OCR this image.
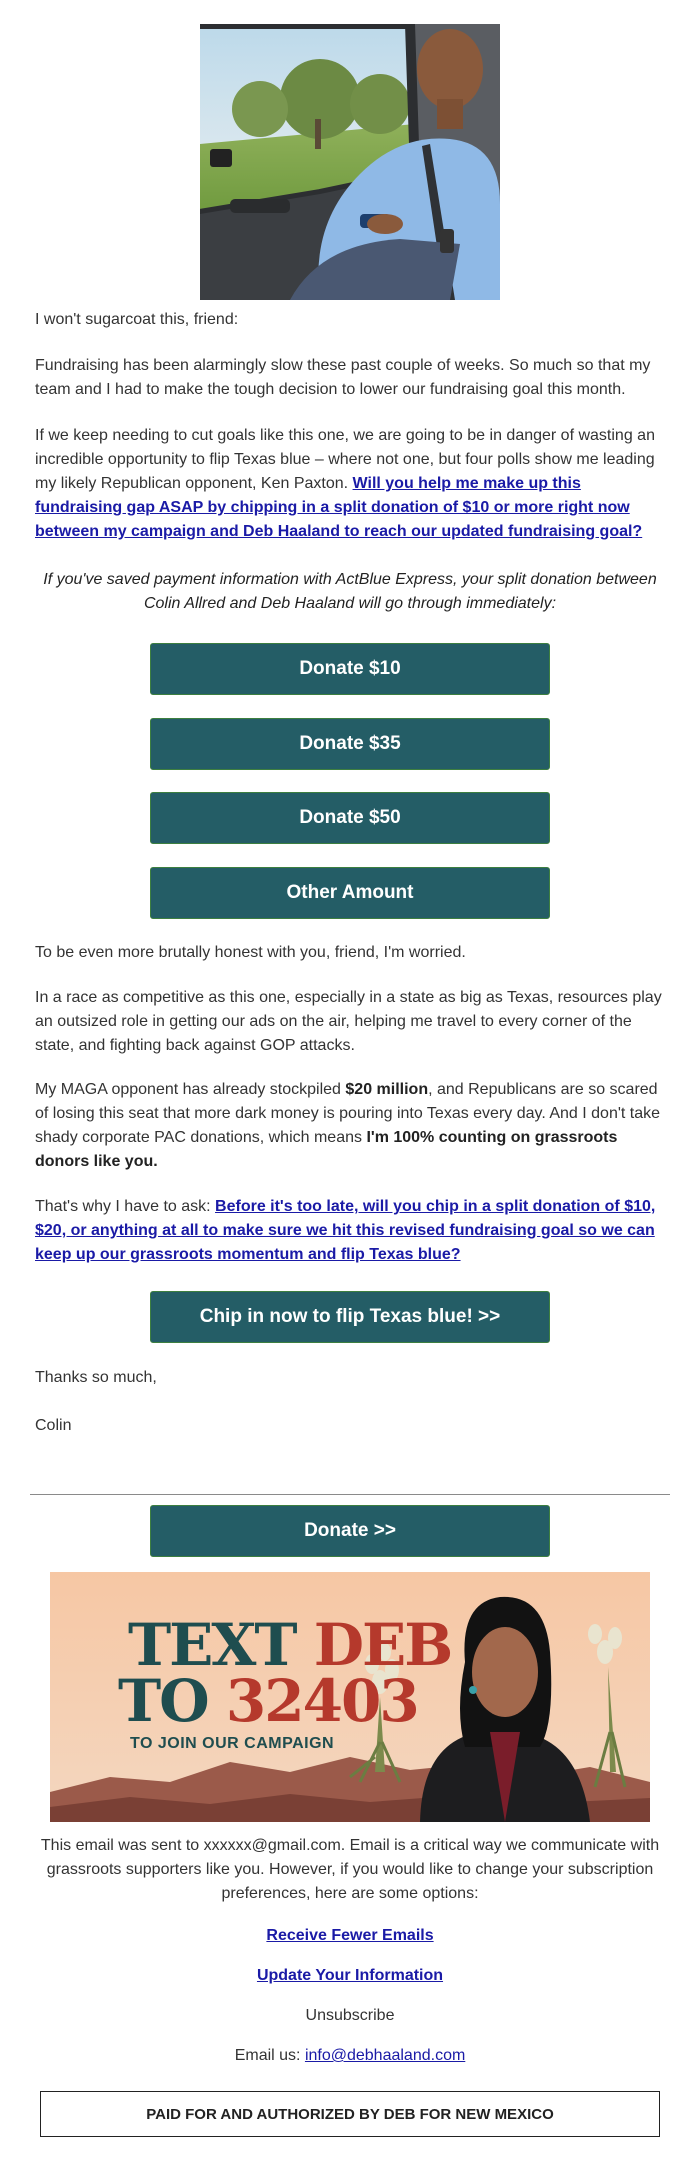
I won't sugarcoat this, friend:
Fundraising has been alarmingly slow these past couple of weeks. So much so that my team and I had to make the tough decision to lower our fundraising goal this month.
If we keep needing to cut goals like this one, we are going to be in danger of wasting an incredible opportunity to flip Texas blue – where not one, but four polls show me leading my likely Republican opponent, Ken Paxton. Will you help me make up this fundraising gap ASAP by chipping in a split donation of $10 or more right now between my campaign and Deb Haaland to reach our updated fundraising goal?
If you've saved payment information with ActBlue Express, your split donation between Colin Allred and Deb Haaland will go through immediately:
Donate $10
Donate $35
Donate $50
Other Amount
To be even more brutally honest with you, friend, I'm worried.
In a race as competitive as this one, especially in a state as big as Texas, resources play an outsized role in getting our ads on the air, helping me travel to every corner of the state, and fighting back against GOP attacks.
My MAGA opponent has already stockpiled $20 million, and Republicans are so scared of losing this seat that more dark money is pouring into Texas every day. And I don't take shady corporate PAC donations, which means I'm 100% counting on grassroots donors like you.
That's why I have to ask: Before it's too late, will you chip in a split donation of $10, $20, or anything at all to make sure we hit this revised fundraising goal so we can keep up our grassroots momentum and flip Texas blue?
Chip in now to flip Texas blue! >>
Thanks so much,
Colin
Donate >>
TEXT DEB
TO 32403
TO JOIN OUR CAMPAIGN
This email was sent to xxxxxx@gmail.com. Email is a critical way we communicate with grassroots supporters like you. However, if you would like to change your subscription preferences, here are some options:
Receive Fewer Emails
Update Your Information
Unsubscribe
Email us: info@debhaaland.com
PAID FOR AND AUTHORIZED BY DEB FOR NEW MEXICO
